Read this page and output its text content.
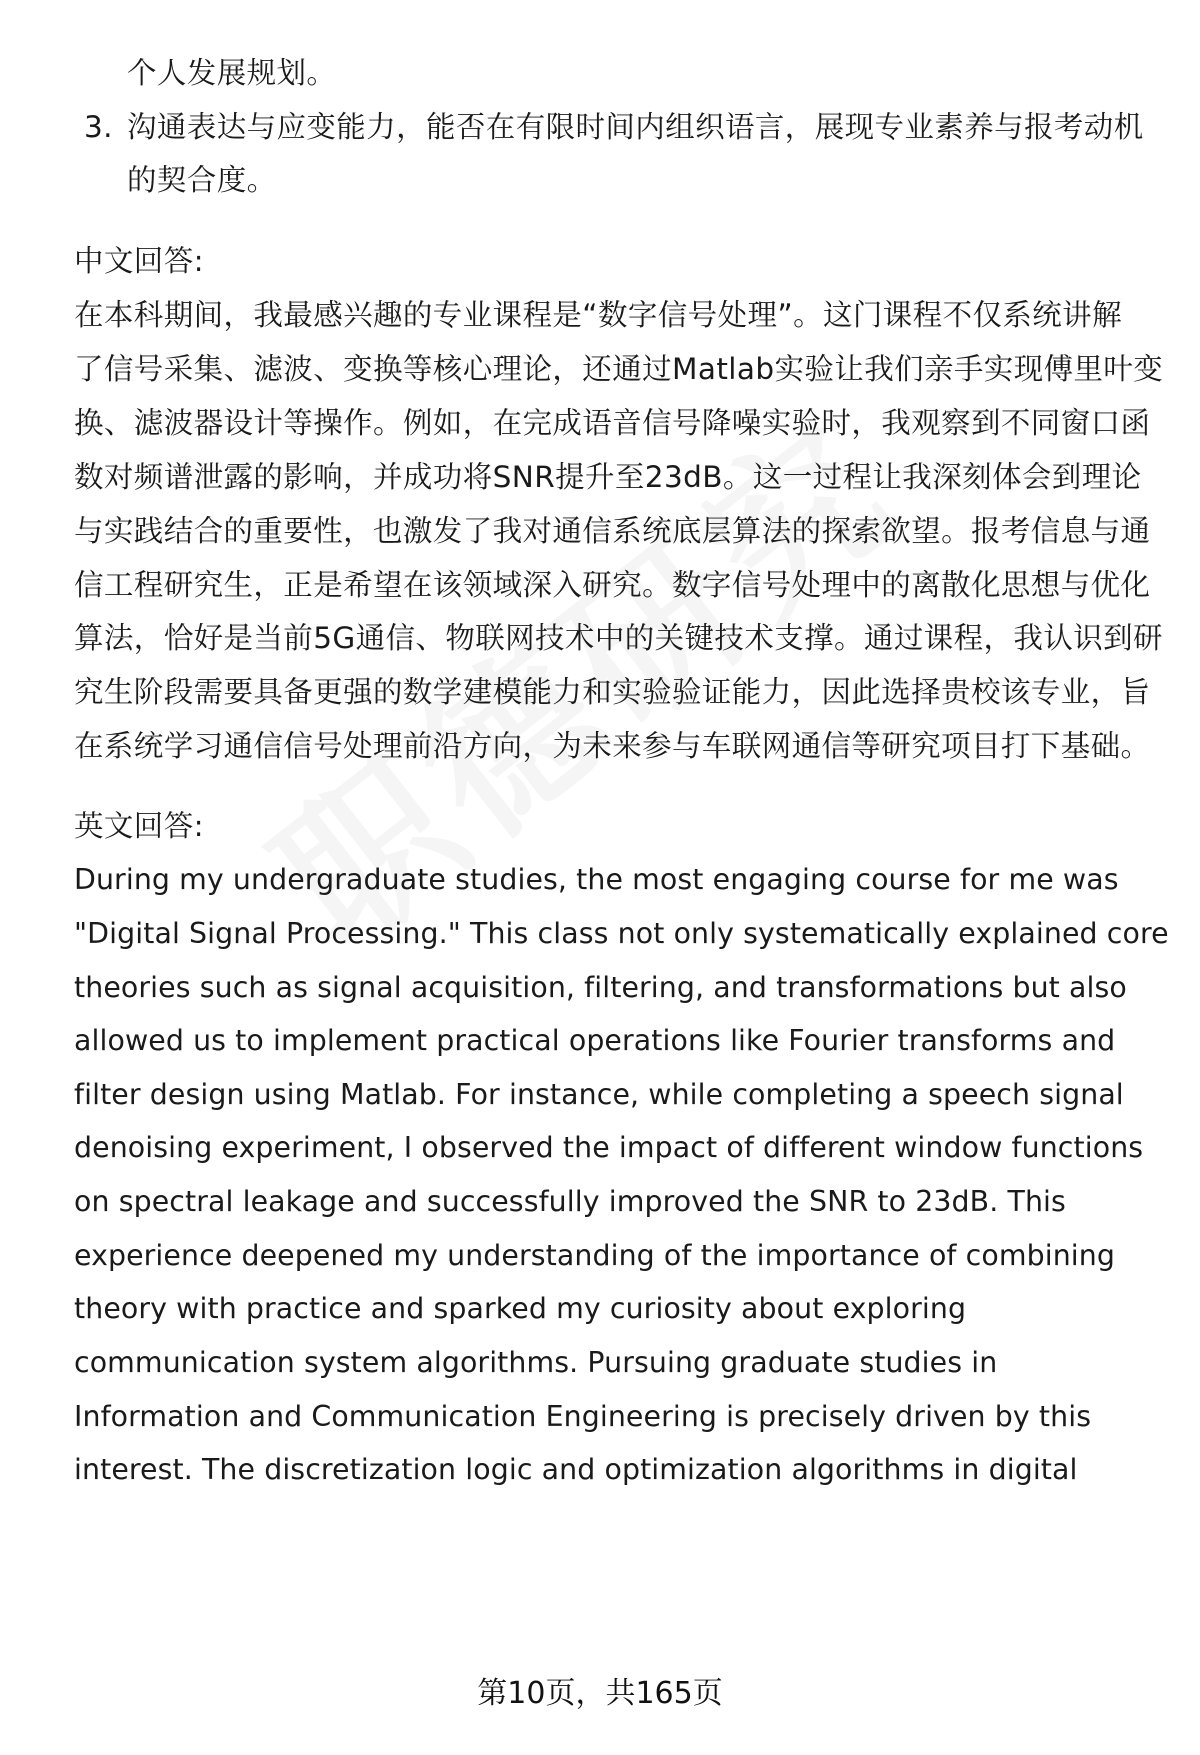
个人发展规划。
3. 沟通表达与应变能力，能否在有限时间内组织语言，展现专业素养与报考动机
的契合度。
中文回答:
在本科期间，我最感兴趣的专业课程是“数字信号处理”。这门课程不仅系统讲解
了信号采集、滤波、变换等核心理论，还通过Matlab实验让我们亲手实现傅里叶变
换、滤波器设计等操作。例如，在完成语音信号降噪实验时，我观察到不同窗口函
数对频谱泄露的影响，并成功将SNR提升至23dB。这一过程让我深刻体会到理论
与实践结合的重要性，也激发了我对通信系统底层算法的探索欲望。报考信息与通
信工程研究生，正是希望在该领域深入研究。数字信号处理中的离散化思想与优化
算法，恰好是当前5G通信、物联网技术中的关键技术支撑。通过课程，我认识到研
究生阶段需要具备更强的数学建模能力和实验验证能力，因此选择贵校该专业，旨
在系统学习通信信号处理前沿方向，为未来参与车联网通信等研究项目打下基础。
英文回答:
During my undergraduate studies, the most engaging course for me was
"Digital Signal Processing." This class not only systematically explained core
theories such as signal acquisition, filtering, and transformations but also
allowed us to implement practical operations like Fourier transforms and
filter design using Matlab. For instance, while completing a speech signal
denoising experiment, I observed the impact of different window functions
on spectral leakage and successfully improved the SNR to 23dB. This
experience deepened my understanding of the importance of combining
theory with practice and sparked my curiosity about exploring
communication system algorithms. Pursuing graduate studies in
Information and Communication Engineering is precisely driven by this
interest. The discretization logic and optimization algorithms in digital
第10页，共165页
